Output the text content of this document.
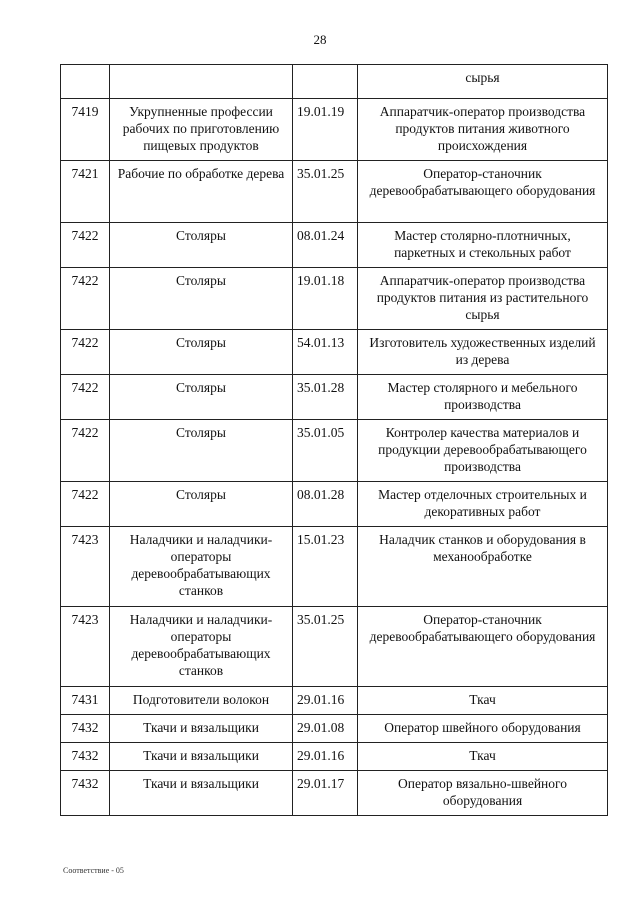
28
			сырья
7419	Укрупненные профессии рабочих по приготовлению пищевых продуктов	19.01.19	Аппаратчик-оператор производства продуктов питания животного происхождения
7421	Рабочие по обработке дерева	35.01.25	Оператор-станочник деревообрабатывающего оборудования
7422	Столяры	08.01.24	Мастер столярно-плотничных, паркетных и стекольных работ
7422	Столяры	19.01.18	Аппаратчик-оператор производства продуктов питания из растительного сырья
7422	Столяры	54.01.13	Изготовитель художественных изделий из дерева
7422	Столяры	35.01.28	Мастер столярного и мебельного производства
7422	Столяры	35.01.05	Контролер качества материалов и продукции деревообрабатывающего производства
7422	Столяры	08.01.28	Мастер отделочных строительных и декоративных работ
7423	Наладчики и наладчики-операторы деревообрабатывающих станков	15.01.23	Наладчик станков и оборудования в механообработке
7423	Наладчики и наладчики-операторы деревообрабатывающих станков	35.01.25	Оператор-станочник деревообрабатывающего оборудования
7431	Подготовители волокон	29.01.16	Ткач
7432	Ткачи и вязальщики	29.01.08	Оператор швейного оборудования
7432	Ткачи и вязальщики	29.01.16	Ткач
7432	Ткачи и вязальщики	29.01.17	Оператор вязально-швейного оборудования
Соответствие - 05
